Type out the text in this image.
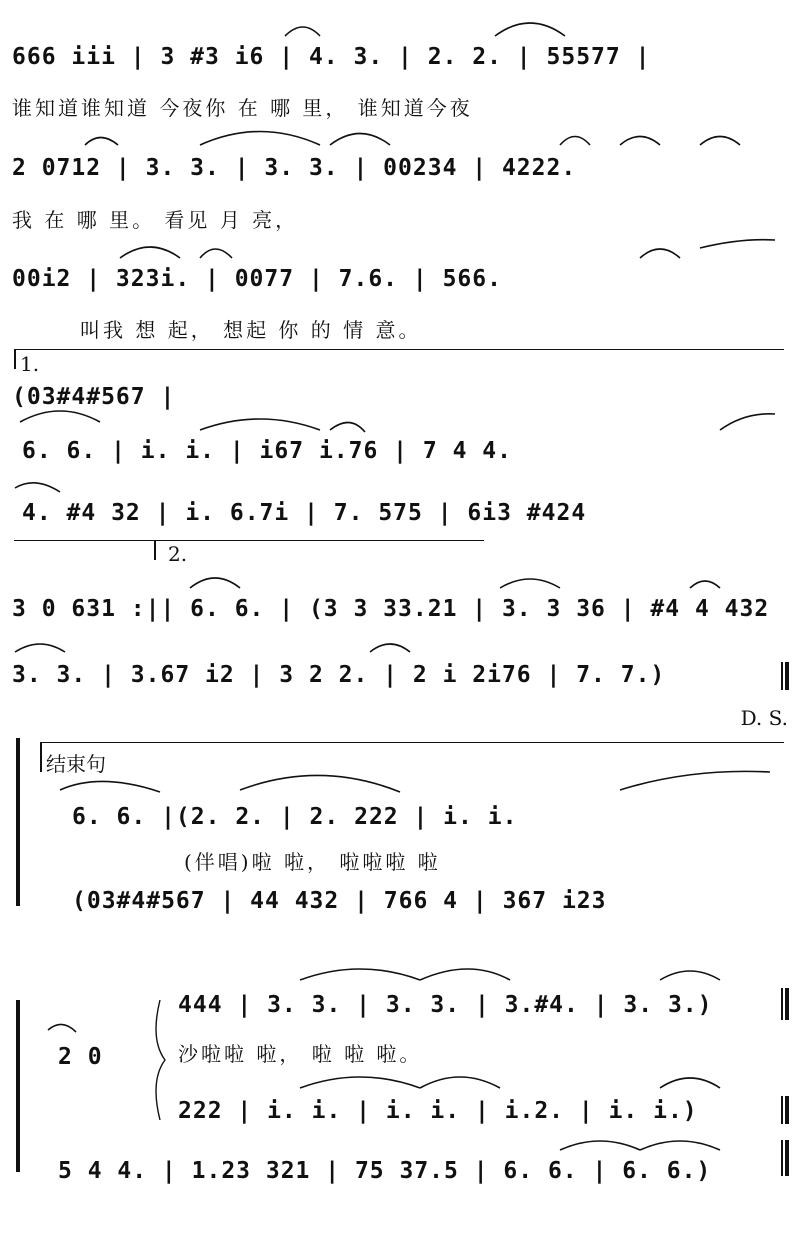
666 iii | 3 #3 i6 | 4. 3. | 2. 2. | 55577 |
谁知道谁知道 今夜你 在 哪 里， 谁知道今夜
2 0712 | 3. 3. | 3. 3. | 00234 | 4222.
我 在 哪 里。 看见 月 亮，
00i2 | 323i. | 0077 | 7.6. | 566.
叫我 想 起， 想起 你 的 情 意。
1.
(03#4#567 |
6. 6. | i. i. | i67 i.76 | 7 4 4.
4. #4 32 | i. 6.7i | 7. 575 | 6i3 #424
2.
3 0 631 :|| 6. 6. | (3 3 33.21 | 3. 3 36 | #4 4 432
3. 3. | 3.67 i2 | 3 2 2. | 2 i 2i76 | 7. 7.)
D. S.
结束句
6. 6. |(2. 2. | 2. 222 | i. i.
(伴唱)啦 啦， 啦啦啦 啦
(03#4#567 | 44 432 | 766 4 | 367 i23
444 | 3. 3. | 3. 3. | 3.#4. | 3. 3.)
沙啦啦 啦， 啦 啦 啦。
2 0
222 | i. i. | i. i. | i.2. | i. i.)
5 4 4. | 1.23 321 | 75 37.5 | 6. 6. | 6. 6.)
